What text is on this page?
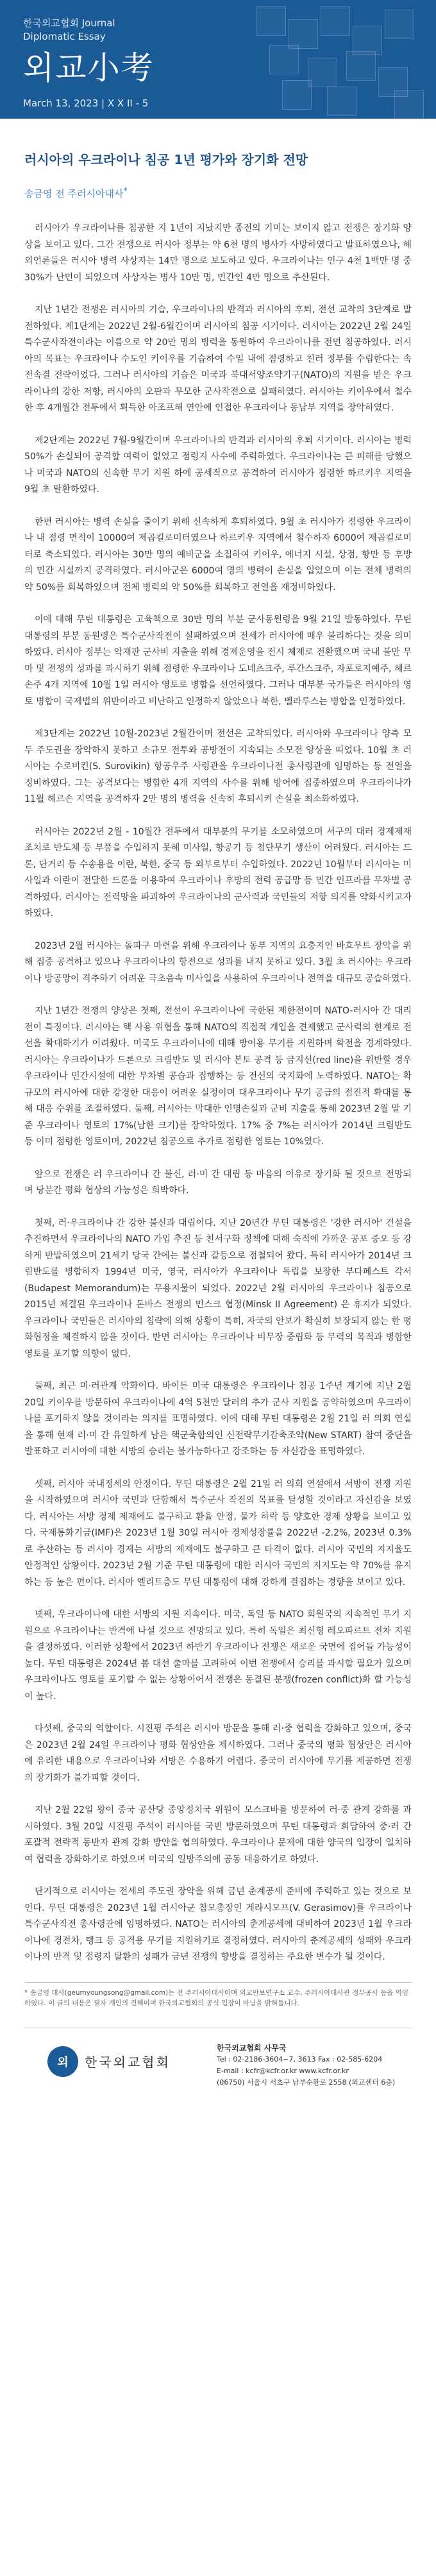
한국외교협회 Journal
Diplomatic Essay
외교小考
March 13, 2023 | X X II - 5
러시아의 우크라이나 침공 1년 평가와 장기화 전망
송금영 전 주러시아대사*

러시아가 우크라이나를 침공한 지 1년이 지났지만 종전의 기미는 보이지 않고 전쟁은 장기화 양상을 보이고 있다. 그간 전쟁으로 러시아 정부는 약 6천 명의 병사가 사망하였다고 발표하였으나, 해외언론들은 러시아 병력 사상자는 14만 명으로 보도하고 있다. 우크라이나는 인구 4천 1백만 명 중 30%가 난민이 되었으며 사상자는 병사 10만 명, 민간인 4만 명으로 추산된다.

지난 1년간 전쟁은 러시아의 기습, 우크라이나의 반격과 러시아의 후퇴, 전선 교착의 3단계로 발전하였다. 제1단계는 2022년 2월-6월간이며 러시아의 침공 시기이다. 러시아는 2022년 2월 24일 특수군사작전이라는 이름으로 약 20만 명의 병력을 동원하여 우크라이나를 전면 침공하였다. 러시아의 목표는 우크라이나 수도인 키이우를 기습하여 수일 내에 점령하고 친러 정부를 수립한다는 속전속결 전략이었다. 그러나 러시아의 기습은 미국과 북대서양조약기구(NATO)의 지원을 받은 우크라이나의 강한 저항, 러시아의 오판과 무모한 군사작전으로 실패하였다. 러시아는 키이우에서 철수한 후 4개월간 전투에서 획득한 아조프해 연안에 인접한 우크라이나 동남부 지역을 장악하였다.

제2단계는 2022년 7월-9월간이며 우크라이나의 반격과 러시아의 후퇴 시기이다. 러시아는 병력 50%가 손실되어 공격할 여력이 없었고 점령지 사수에 주력하였다. 우크라이나는 큰 피해를 당했으나 미국과 NATO의 신속한 무기 지원 하에 공세적으로 공격하여 러시아가 점령한 하르키우 지역을 9월 초 탈환하였다.

한편 러시아는 병력 손실을 줄이기 위해 신속하게 후퇴하였다. 9월 초 러시아가 점령한 우크라이나 내 점령 면적이 10000여 제곱킬로미터였으나 하르키우 지역에서 철수하자 6000여 제곱킬로미터로 축소되었다. 러시아는 30만 명의 예비군을 소집하여 키이우, 에너지 시설, 상점, 항만 등 후방의 민간 시설까지 공격하였다. 러시아군은 6000여 명의 병력이 손실을 입었으며 이는 전체 병력의 약 50%를 회복하였으며 전체 병력의 약 50%를 회복하고 전열을 재정비하였다.

이에 대해 무틴 대통령은 고육책으로 30만 명의 부분 군사동원령을 9월 21일 발동하였다. 무틴 대통령의 부분 동원령은 특수군사작전이 실패하였으며 전세가 러시아에 매우 불리하다는 것을 의미하였다. 러시아 정부는 악재판 군사비 지출을 위해 경제운영을 전시 체제로 전환했으며 국내 불만 무마 및 전쟁의 성과를 과시하기 위해 점령한 우크라이나 도네츠크주, 루간스크주, 자포로지예주, 헤르손주 4개 지역에 10월 1일 러시아 영토로 병합을 선언하였다. 그러나 대부분 국가들은 러시아의 영토 병합이 국제법의 위반이라고 비난하고 인정하지 않았으나 북한, 벨라루스는 병합을 인정하였다.

제3단계는 2022년 10월-2023년 2월간이며 전선은 교착되었다. 러시아와 우크라이나 양측 모두 주도권을 장악하지 못하고 소규모 전투와 공방전이 지속되는 소모전 양상을 띠었다. 10월 초 러시아는 수로비킨(S. Surovikin) 항공우주 사령관을 우크라이나전 총사령관에 임명하는 등 전열을 정비하였다. 그는 공격보다는 병합한 4개 지역의 사수를 위해 방어에 집중하였으며 우크라이나가 11월 헤르손 지역을 공격하자 2만 명의 병력을 신속히 후퇴시켜 손실을 최소화하였다.

러시아는 2022년 2월 - 10월간 전투에서 대부분의 무기를 소모하였으며 서구의 대러 경제제재조치로 반도체 등 부품을 수입하지 못해 미사일, 항공기 등 첨단무기 생산이 어려웠다. 러시아는 드론, 단거리 등 수송용을 이란, 북한, 중국 등 외부로부터 수입하였다. 2022년 10월부터 러시아는 미사일과 이란이 전달한 드론을 이용하여 우크라이나 후방의 전력 공급망 등 민간 인프라를 무차별 공격하였다. 러시아는 전력망을 파괴하여 우크라이나의 군사력과 국민들의 저항 의지를 약화시키고자 하였다.

2023년 2월 러시아는 돌파구 마련을 위해 우크라이나 동부 지역의 요충지인 바흐무트 장악을 위해 집중 공격하고 있으나 우크라이나의 항전으로 성과를 내지 못하고 있다. 3월 초 러시아는 우크라이나 방공망이 격추하기 어려운 극초음속 미사일을 사용하여 우크라이나 전역을 대규모 공습하였다.

지난 1년간 전쟁의 양상은 첫째, 전선이 우크라이나에 국한된 제한전이며 NATO-러시아 간 대리전이 특징이다. 러시아는 핵 사용 위협을 통해 NATO의 직접적 개입을 견제했고 군사력의 한계로 전선을 확대하기가 어려웠다. 미국도 우크라이나에 대해 방어용 무기를 지원하며 확전을 경계하였다. 러시아는 우크라이나가 드론으로 크림반도 및 러시아 본토 공격 등 금지선(red line)을 위반할 경우 우크라이나 민간시설에 대한 무차별 공습과 집행하는 등 전선의 국지화에 노력하였다. NATO는 확 규모의 러시아에 대한 강경한 대응이 어려운 실정이며 대우크라이나 무기 공급의 점진적 확대를 통해 대응 수위를 조절하였다. 둘째, 러시아는 막대한 인명손실과 군비 지출을 통해 2023년 2월 말 기준 우크라이나 영토의 17%(남한 크기)를 장악하였다. 17% 중 7%는 러시아가 2014년 크림반도 등 이미 점령한 영토이며, 2022년 침공으로 추가로 점령한 영토는 10%였다.

앞으로 전쟁은 러 우크라이나 간 불신, 러·미 간 대립 등 마음의 이유로 장기화 될 것으로 전망되며 당분간 평화 협상의 가능성은 희박하다.

첫째, 러·우크라이나 간 강한 불신과 대립이다. 지난 20년간 무틴 대통령은 '강한 러시아' 건설을 추진하면서 우크라이나의 NATO 가입 추진 등 친서구화 정책에 대해 숙적에 가까운 공포 증오 등 강하게 반발하였으며 21세기 당국 간에는 불신과 갈등으로 점철되어 왔다. 특히 러시아가 2014년 크림반도를 병합하자 1994년 미국, 영국, 러시아가 우크라이나 독립을 보장한 부다페스트 각서(Budapest Memorandum)는 무용지물이 되었다. 2022년 2월 러시아의 우크라이나 침공으로 2015년 체결된 우크라이나 돈바스 전쟁의 민스크 협정(Minsk II Agreement) 은 휴지가 되었다. 우크라이나 국민들은 러시아의 침략에 의해 상황이 특히, 자국의 안보가 확실히 보장되지 않는 한 평화협정을 체결하지 않을 것이다. 반면 러시아는 우크라이나 비무장 중립화 등 무력의 목적과 병합한 영토를 포기할 의향이 없다.

둘째, 최근 미·러관계 악화이다. 바이든 미국 대통령은 우크라이나 침공 1주년 계기에 지난 2월 20일 키이우를 방문하여 우크라이나에 4억 5천만 달러의 추가 군사 지원을 공약하였으며 우크라이나를 포기하지 않을 것이라는 의지를 표명하였다. 이에 대해 무틴 대통령은 2월 21일 러 의회 연설을 통해 현재 러·미 간 유일하게 남은 핵군축합의인 신전략무기감축조약(New START) 참여 중단을 발표하고 러시아에 대한 서방의 승리는 불가능하다고 강조하는 등 자신감을 표명하였다.

셋째, 러시아 국내정세의 안정이다. 무틴 대통령은 2월 21일 러 의회 연설에서 서방이 전쟁 지원을 시작하였으며 러시아 국민과 단합해서 특수군사 작전의 목표를 달성할 것이라고 자신감을 보였다. 러시아는 서방 경제 제재에도 불구하고 환율 안정, 물가 하락 등 양호한 경제 상황을 보이고 있다. 국제통화기금(IMF)은 2023년 1월 30일 러시아 경제성장률을 2022년 -2.2%, 2023년 0.3%로 추산하는 등 러시아 경제는 서방의 제재에도 불구하고 큰 타격이 없다. 러시아 국민의 지지율도 안정적인 상황이다. 2023년 2월 기준 무틴 대통령에 대한 러시아 국민의 지지도는 약 70%를 유지하는 등 높은 편이다. 러시아 엘리트층도 무틴 대통령에 대해 강하게 결집하는 경향을 보이고 있다.

넷째, 우크라이나에 대한 서방의 지원 지속이다. 미국, 독일 등 NATO 회원국의 지속적인 무기 지원으로 우크라이나는 반격에 나설 것으로 전망되고 있다. 특히 독일은 최신형 레오파르트 전차 지원을 결정하였다. 이러한 상황에서 2023년 하반기 우크라이나 전쟁은 새로운 국면에 접어들 가능성이 높다. 무틴 대통령은 2024년 봄 대선 출마를 고려하여 이번 전쟁에서 승리를 과시할 필요가 있으며 우크라이나도 영토를 포기할 수 없는 상황이어서 전쟁은 동결된 분쟁(frozen conflict)화 할 가능성이 높다.

다섯째, 중국의 역할이다. 시진핑 주석은 러시아 방문을 통해 러·중 협력을 강화하고 있으며, 중국은 2023년 2월 24일 우크라이나 평화 협상안을 제시하였다. 그러나 중국의 평화 협상안은 러시아에 유리한 내용으로 우크라이나와 서방은 수용하기 어렵다. 중국이 러시아에 무기를 제공하면 전쟁의 장기화가 불가피할 것이다.

지난 2월 22일 왕이 중국 공산당 중앙정치국 위원이 모스크바를 방문하여 러·중 관계 강화를 과시하였다. 3월 20일 시진핑 주석이 러시아를 국빈 방문하였으며 무틴 대통령과 회담하여 중·러 간 포괄적 전략적 동반자 관계 강화 방안을 협의하였다. 우크라이나 문제에 대한 양국의 입장이 일치하여 협력을 강화하기로 하였으며 미국의 일방주의에 공동 대응하기로 하였다.

단기적으로 러시아는 전세의 주도권 장악을 위해 금년 춘계공세 준비에 주력하고 있는 것으로 보인다. 무틴 대통령은 2023년 1월 러시아군 참모총장인 게라시모프(V. Gerasimov)를 우크라이나 특수군사작전 총사령관에 임명하였다. NATO는 러시아의 춘계공세에 대비하여 2023년 1월 우크라이나에 경전차, 탱크 등 공격용 무기를 지원하기로 결정하였다. 러시아의 춘계공세의 성패와 우크라이나의 반격 및 점령지 탈환의 성패가 금년 전쟁의 향방을 결정하는 주요한 변수가 될 것이다.

* 송금영 대사(geumyoungsong@gmail.com)는 전 주러시아대사이며 외교안보연구소 교수, 주러시아대사관 정무공사 등을 역임하였다. 이 글의 내용은 필자 개인의 견해이며 한국외교협회의 공식 입장이 아님을 밝혀둡니다.

외	한국외교협회
한국외교협회 사무국
Tel : 02-2186-3604~7, 3613 Fax : 02-585-6204
E-mail : kcfr@kcfr.or.kr www.kcfr.or.kr
(06750) 서울시 서초구 남부순환로 2558 (외교센터 6층)
